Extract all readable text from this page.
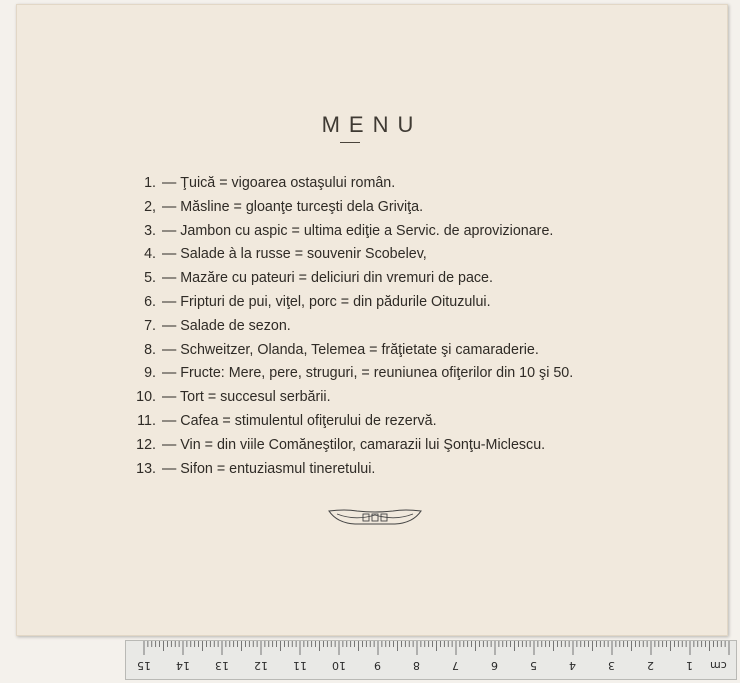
MENU
1. — Ţuică = vigoarea ostaşului român.
2, — Măsline = gloanţe turceşti dela Griviţa.
3. — Jambon cu aspic = ultima ediţie a Servic. de aprovizionare.
4. — Salade à la russe = souvenir Scobelev,
5. — Mazăre cu pateuri = deliciuri din vremuri de pace.
6. — Fripturi de pui, viţel, porc = din pădurile Oituzului.
7. — Salade de sezon.
8. — Schweitzer, Olanda, Telemea = frăţietate şi camaraderie.
9. — Fructe: Mere, pere, struguri, = reuniunea ofiţerilor din 10 şi 50.
10. — Tort = succesul serbării.
11. — Cafea = stimulentul ofiţerului de rezervă.
12. — Vin = din viile Comăneştilor, camarazii lui Şonţu-Miclescu.
13. — Sifon = entuziasmul tineretului.
cm
1
2
3
4
5
6
7
8
9
10
11
12
13
14
15
